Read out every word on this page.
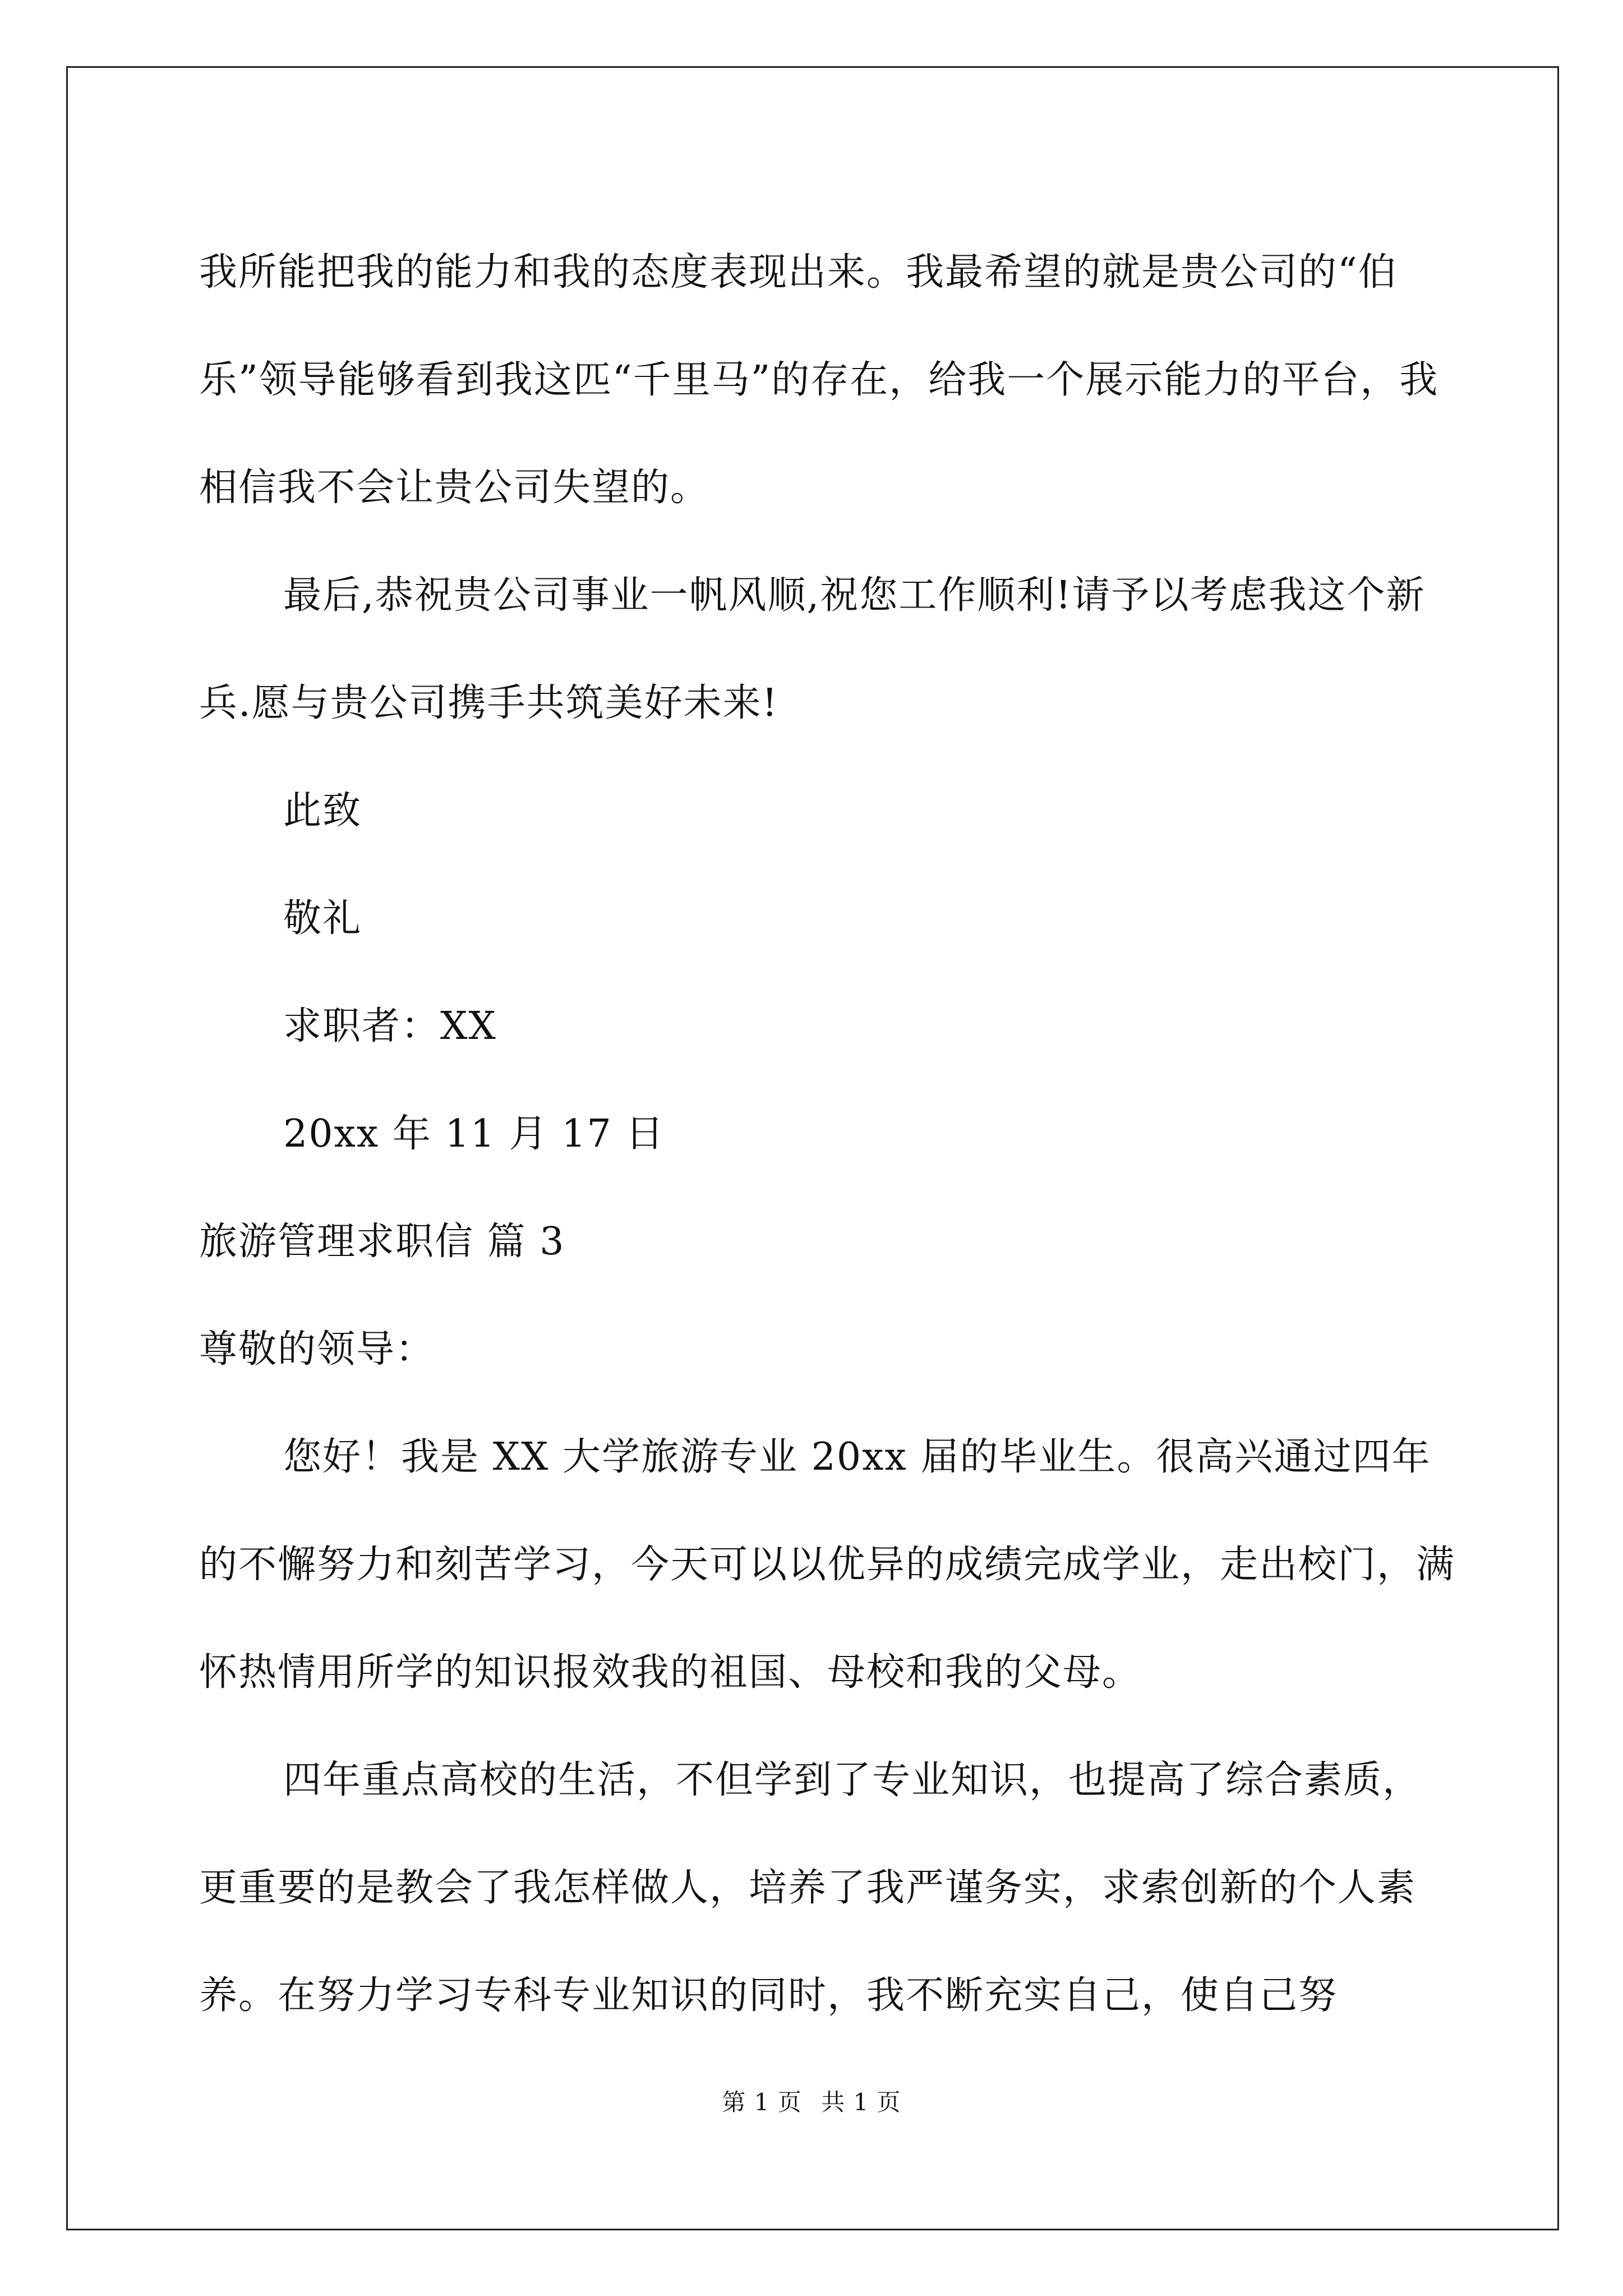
我所能把我的能力和我的态度表现出来。我最希望的就是贵公司的“伯乐”领导能够看到我这匹“千里马”的存在，给我一个展示能力的平台，我相信我不会让贵公司失望的。

最后,恭祝贵公司事业一帆风顺,祝您工作顺利!请予以考虑我这个新兵.愿与贵公司携手共筑美好未来!

此致

敬礼

求职者：XX

20xx 年 11 月 17 日

旅游管理求职信 篇 3

尊敬的领导：

您好！我是 XX 大学旅游专业 20xx 届的毕业生。很高兴通过四年的不懈努力和刻苦学习，今天可以以优异的成绩完成学业，走出校门，满怀热情用所学的知识报效我的祖国、母校和我的父母。

四年重点高校的生活，不但学到了专业知识，也提高了综合素质，更重要的是教会了我怎样做人，培养了我严谨务实，求索创新的个人素养。在努力学习专科专业知识的同时，我不断充实自己，使自己努

第 1 页 共 1 页
